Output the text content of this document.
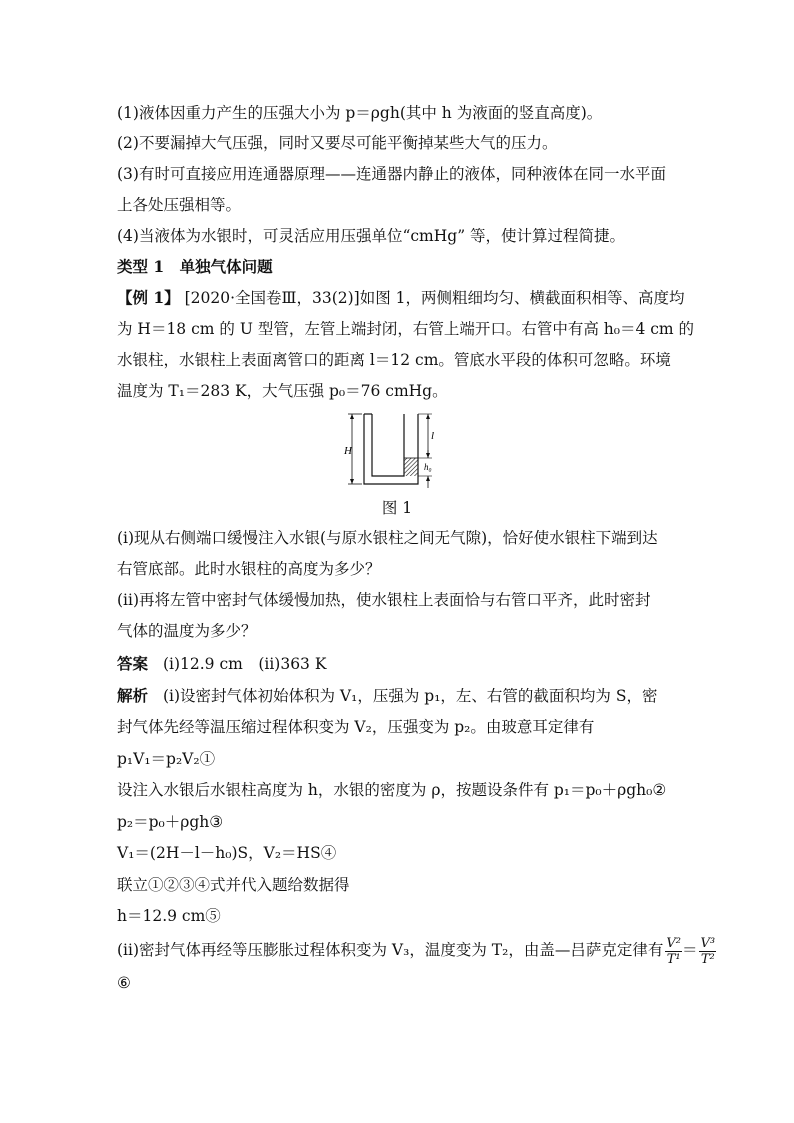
(1)液体因重力产生的压强大小为 p＝ρgh(其中 h 为液面的竖直高度)。
(2)不要漏掉大气压强，同时又要尽可能平衡掉某些大气的压力。
(3)有时可直接应用连通器原理——连通器内静止的液体，同种液体在同一水平面
上各处压强相等。
(4)当液体为水银时，可灵活应用压强单位“cmHg” 等，使计算过程简捷。
类型 1　单独气体问题
【例 1】 [2020·全国卷Ⅲ，33(2)]如图 1，两侧粗细均匀、横截面积相等、高度均
为 H＝18 cm 的 U 型管，左管上端封闭，右管上端开口。右管中有高 h₀＝4 cm 的
水银柱，水银柱上表面离管口的距离 l＝12 cm。管底水平段的体积可忽略。环境
温度为 T₁＝283 K，大气压强 p₀＝76 cmHg。
H
l
h₀
图 1
(ⅰ)现从右侧端口缓慢注入水银(与原水银柱之间无气隙)，恰好使水银柱下端到达
右管底部。此时水银柱的高度为多少？
(ⅱ)再将左管中密封气体缓慢加热，使水银柱上表面恰与右管口平齐，此时密封
气体的温度为多少？
答案 (ⅰ)12.9 cm　(ⅱ)363 K
解析 (ⅰ)设密封气体初始体积为 V₁，压强为 p₁，左、右管的截面积均为 S，密
封气体先经等温压缩过程体积变为 V₂，压强变为 p₂。由玻意耳定律有
p₁V₁＝p₂V₂①
设注入水银后水银柱高度为 h，水银的密度为 ρ，按题设条件有 p₁＝p₀＋ρgh₀②
p₂＝p₀＋ρgh③
V₁＝(2H－l－h₀)S，V₂＝HS④
联立①②③④式并代入题给数据得
h＝12.9 cm⑤
(ⅱ)密封气体再经等压膨胀过程体积变为 V₃，温度变为 T₂，由盖—吕萨克定律有 $\frac{\text{V²}}{\text{T¹}} = \frac{\text{V³}}{\text{T²}}$
⑥
